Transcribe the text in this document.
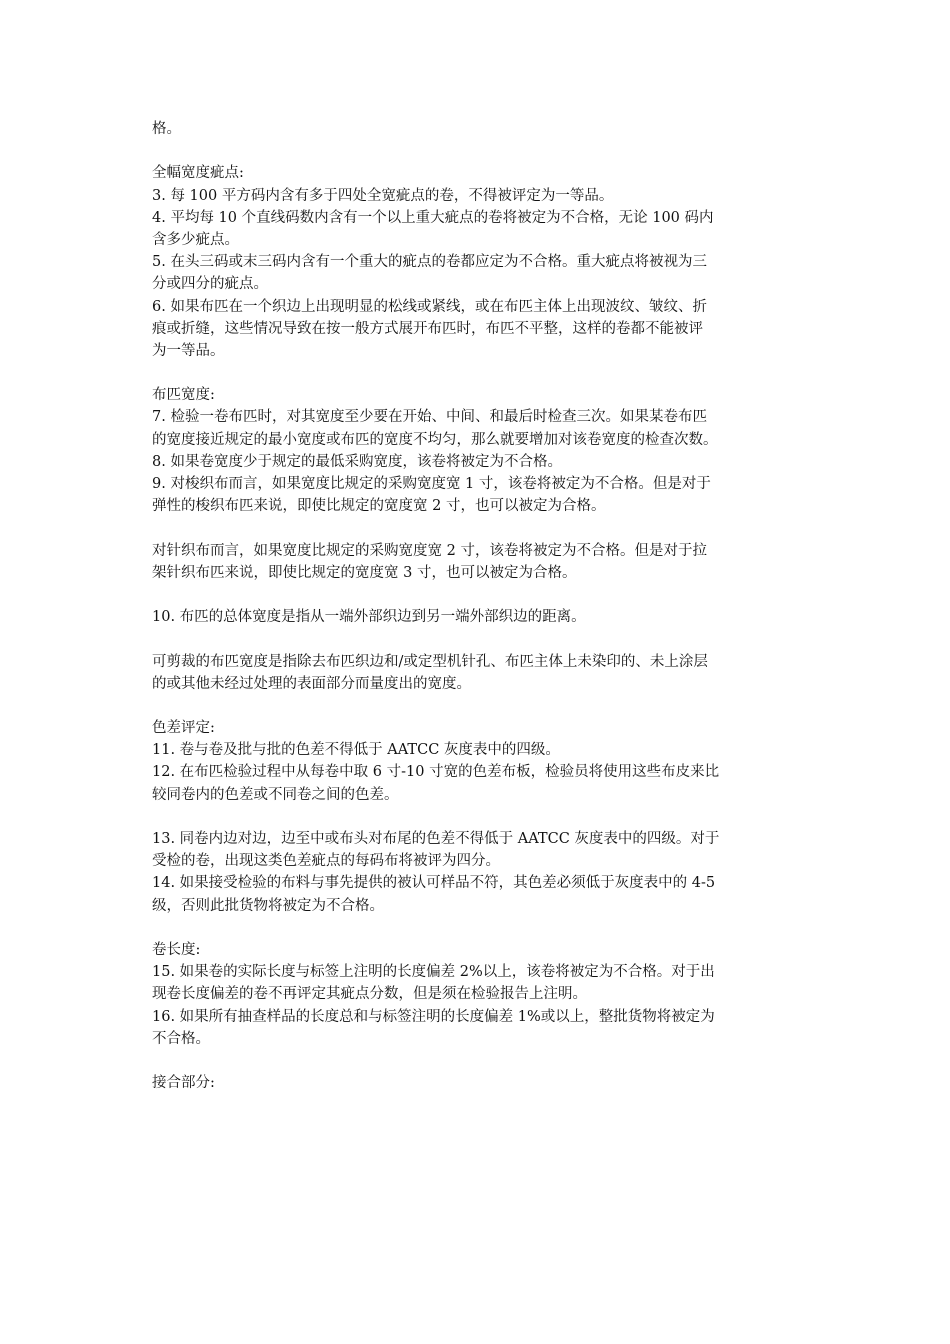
格。
全幅宽度疵点:
3. 每 100 平方码内含有多于四处全宽疵点的卷，不得被评定为一等品。
4. 平均每 10 个直线码数内含有一个以上重大疵点的卷将被定为不合格，无论 100 码内
含多少疵点。
5. 在头三码或末三码内含有一个重大的疵点的卷都应定为不合格。重大疵点将被视为三
分或四分的疵点。
6. 如果布匹在一个织边上出现明显的松线或紧线，或在布匹主体上出现波纹、皱纹、折
痕或折缝，这些情况导致在按一般方式展开布匹时，布匹不平整，这样的卷都不能被评
为一等品。
布匹宽度:
7. 检验一卷布匹时，对其宽度至少要在开始、中间、和最后时检查三次。如果某卷布匹
的宽度接近规定的最小宽度或布匹的宽度不均匀，那么就要增加对该卷宽度的检查次数。
8. 如果卷宽度少于规定的最低采购宽度，该卷将被定为不合格。
9. 对梭织布而言，如果宽度比规定的采购宽度宽 1 寸，该卷将被定为不合格。但是对于
弹性的梭织布匹来说，即使比规定的宽度宽 2 寸，也可以被定为合格。
对针织布而言，如果宽度比规定的采购宽度宽 2 寸，该卷将被定为不合格。但是对于拉
架针织布匹来说，即使比规定的宽度宽 3 寸，也可以被定为合格。
10. 布匹的总体宽度是指从一端外部织边到另一端外部织边的距离。
可剪裁的布匹宽度是指除去布匹织边和/或定型机针孔、布匹主体上未染印的、未上涂层
的或其他未经过处理的表面部分而量度出的宽度。
色差评定:
11. 卷与卷及批与批的色差不得低于 AATCC 灰度表中的四级。
12. 在布匹检验过程中从每卷中取 6 寸-10 寸宽的色差布板，检验员将使用这些布皮来比
较同卷内的色差或不同卷之间的色差。
13. 同卷内边对边，边至中或布头对布尾的色差不得低于 AATCC 灰度表中的四级。对于
受检的卷，出现这类色差疵点的每码布将被评为四分。
14. 如果接受检验的布料与事先提供的被认可样品不符，其色差必须低于灰度表中的 4-5
级，否则此批货物将被定为不合格。
卷长度:
15. 如果卷的实际长度与标签上注明的长度偏差 2%以上，该卷将被定为不合格。对于出
现卷长度偏差的卷不再评定其疵点分数，但是须在检验报告上注明。
16. 如果所有抽查样品的长度总和与标签注明的长度偏差 1%或以上，整批货物将被定为
不合格。
接合部分:
